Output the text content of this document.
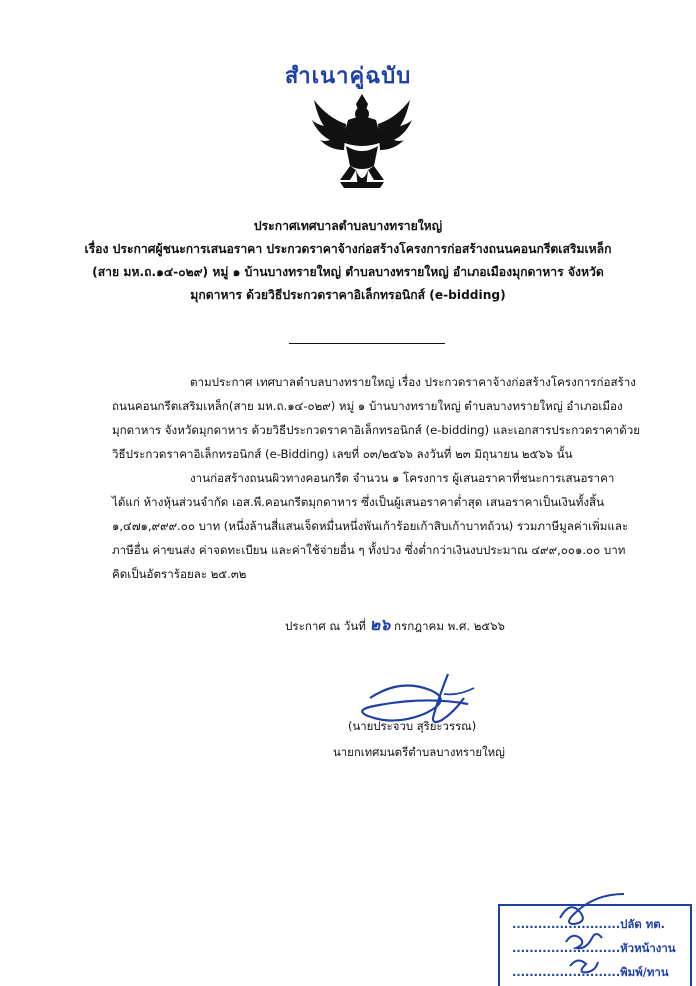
สำเนาคู่ฉบับ
ประกาศเทศบาลตำบลบางทรายใหญ่
เรื่อง ประกาศผู้ชนะการเสนอราคา ประกวดราคาจ้างก่อสร้างโครงการก่อสร้างถนนคอนกรีตเสริมเหล็ก
(สาย มห.ถ.๑๔-๐๒๙) หมู่ ๑ บ้านบางทรายใหญ่ ตำบลบางทรายใหญ่ อำเภอเมืองมุกดาหาร จังหวัด
มุกดาหาร ด้วยวิธีประกวดราคาอิเล็กทรอนิกส์ (e-bidding)
ตามประกาศ เทศบาลตำบลบางทรายใหญ่ เรื่อง ประกวดราคาจ้างก่อสร้างโครงการก่อสร้าง
ถนนคอนกรีตเสริมเหล็ก(สาย มห.ถ.๑๔-๐๒๙) หมู่ ๑ บ้านบางทรายใหญ่ ตำบลบางทรายใหญ่ อำเภอเมือง
มุกดาหาร จังหวัดมุกดาหาร ด้วยวิธีประกวดราคาอิเล็กทรอนิกส์ (e-bidding) และเอกสารประกวดราคาด้วย
วิธีประกวดราคาอิเล็กทรอนิกส์ (e-Bidding) เลขที่ ๐๓/๒๕๖๖ ลงวันที่ ๒๓ มิถุนายน ๒๕๖๖ นั้น
งานก่อสร้างถนนผิวทางคอนกรีต จำนวน ๑ โครงการ ผู้เสนอราคาที่ชนะการเสนอราคา
ได้แก่ ห้างหุ้นส่วนจำกัด เอส.พี.คอนกรีตมุกดาหาร ซึ่งเป็นผู้เสนอราคาต่ำสุด เสนอราคาเป็นเงินทั้งสิ้น
๑,๔๗๑,๙๙๙.๐๐ บาท (หนึ่งล้านสี่แสนเจ็ดหมื่นหนึ่งพันเก้าร้อยเก้าสิบเก้าบาทถ้วน) รวมภาษีมูลค่าเพิ่มและ
ภาษีอื่น ค่าขนส่ง ค่าจดทะเบียน และค่าใช้จ่ายอื่น ๆ ทั้งปวง ซึ่งต่ำกว่าเงินงบประมาณ ๔๙๙,๐๐๑.๐๐ บาท
คิดเป็นอัตราร้อยละ ๒๕.๓๒
ประกาศ ณ วันที่ ๒๖ กรกฎาคม พ.ศ. ๒๕๖๖
(นายประจวบ สุริยะวรรณ)
นายกเทศมนตรีตำบลบางทรายใหญ่
.........................ปลัด ทต.
.........................หัวหน้างาน
.........................พิมพ์/ทาน
